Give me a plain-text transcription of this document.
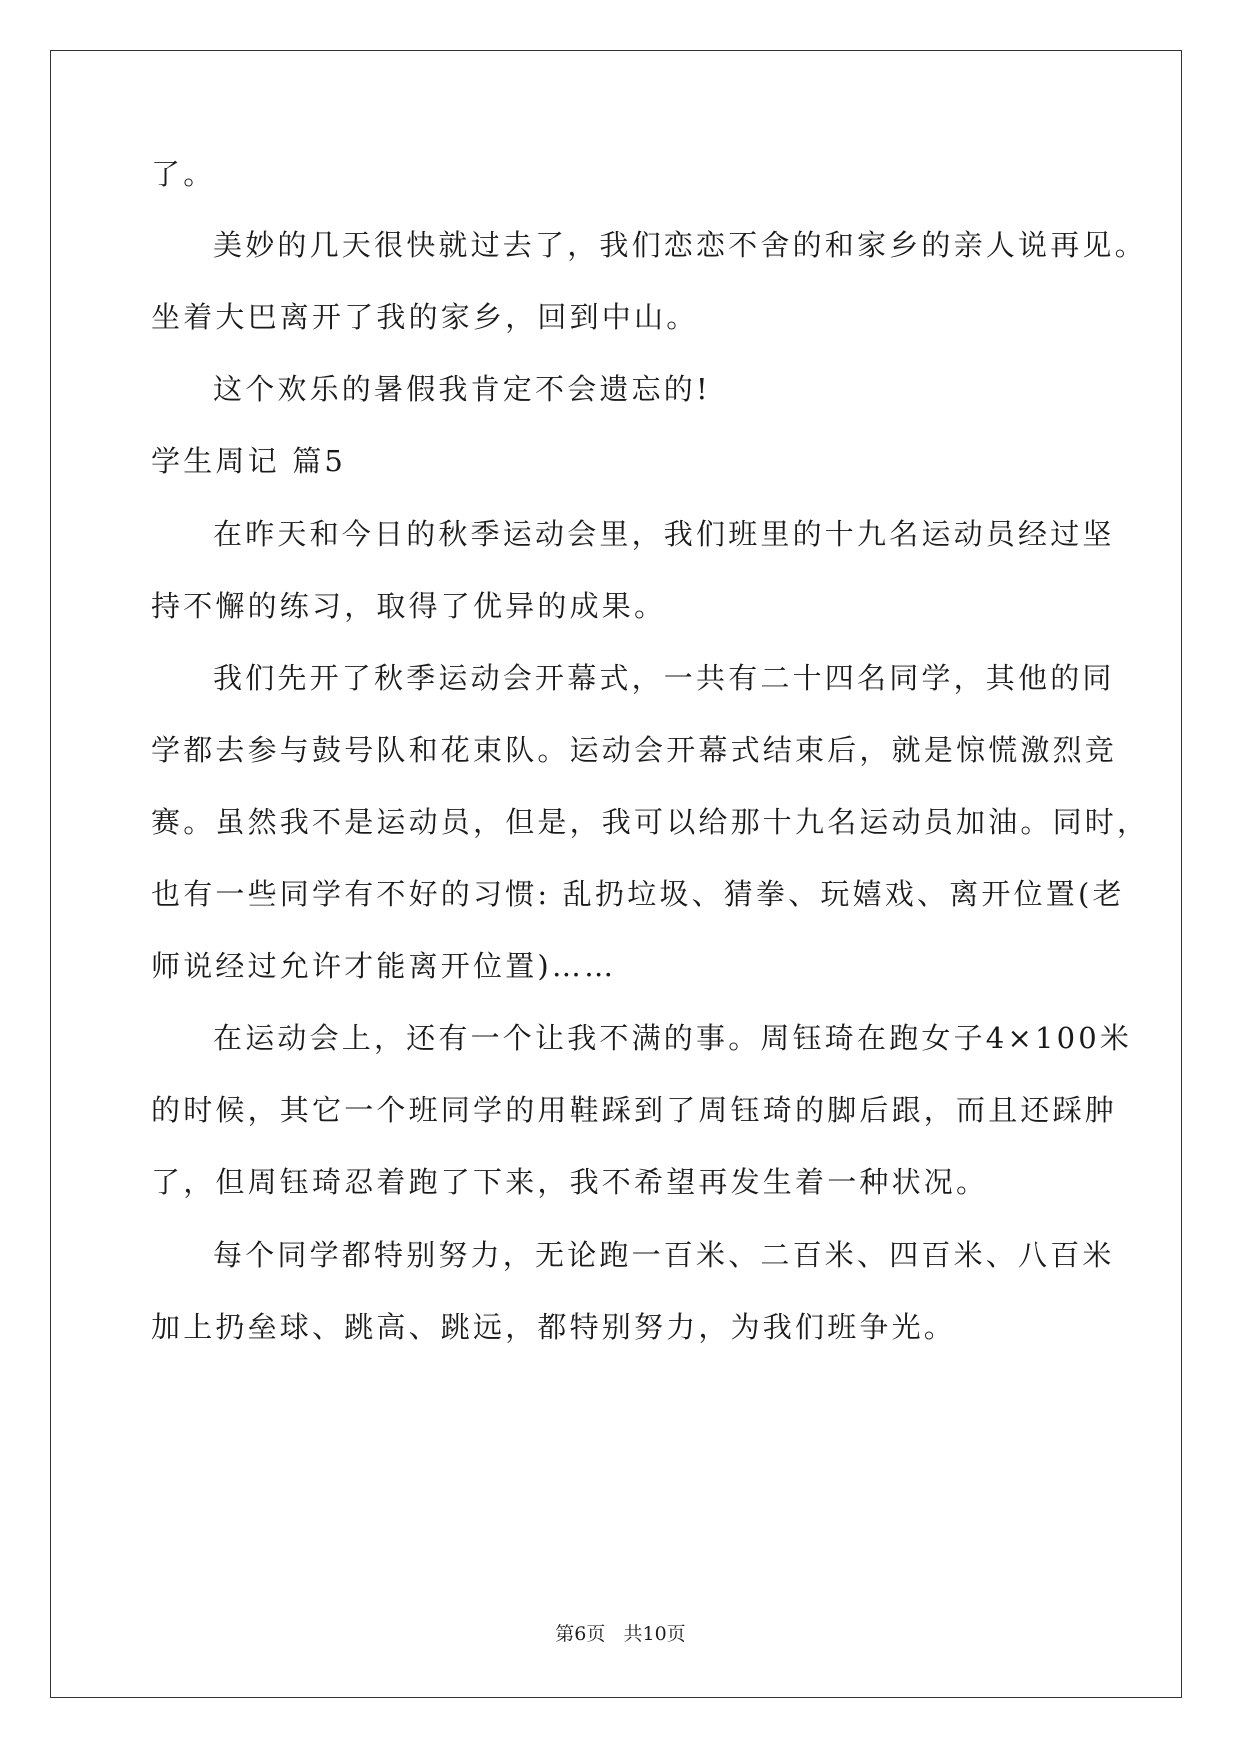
了。
美妙的几天很快就过去了，我们恋恋不舍的和家乡的亲人说再见。
坐着大巴离开了我的家乡，回到中山。
这个欢乐的暑假我肯定不会遗忘的!
学生周记 篇5
在昨天和今日的秋季运动会里，我们班里的十九名运动员经过坚
持不懈的练习，取得了优异的成果。
我们先开了秋季运动会开幕式，一共有二十四名同学，其他的同
学都去参与鼓号队和花束队。运动会开幕式结束后，就是惊慌激烈竞
赛。虽然我不是运动员，但是，我可以给那十九名运动员加油。同时，
也有一些同学有不好的习惯: 乱扔垃圾、猜拳、玩嬉戏、离开位置(老
师说经过允许才能离开位置)……
在运动会上，还有一个让我不满的事。周钰琦在跑女子4×100米
的时候，其它一个班同学的用鞋踩到了周钰琦的脚后跟，而且还踩肿
了，但周钰琦忍着跑了下来，我不希望再发生着一种状况。
每个同学都特别努力，无论跑一百米、二百米、四百米、八百米
加上扔垒球、跳高、跳远，都特别努力，为我们班争光。
第6页   共10页
